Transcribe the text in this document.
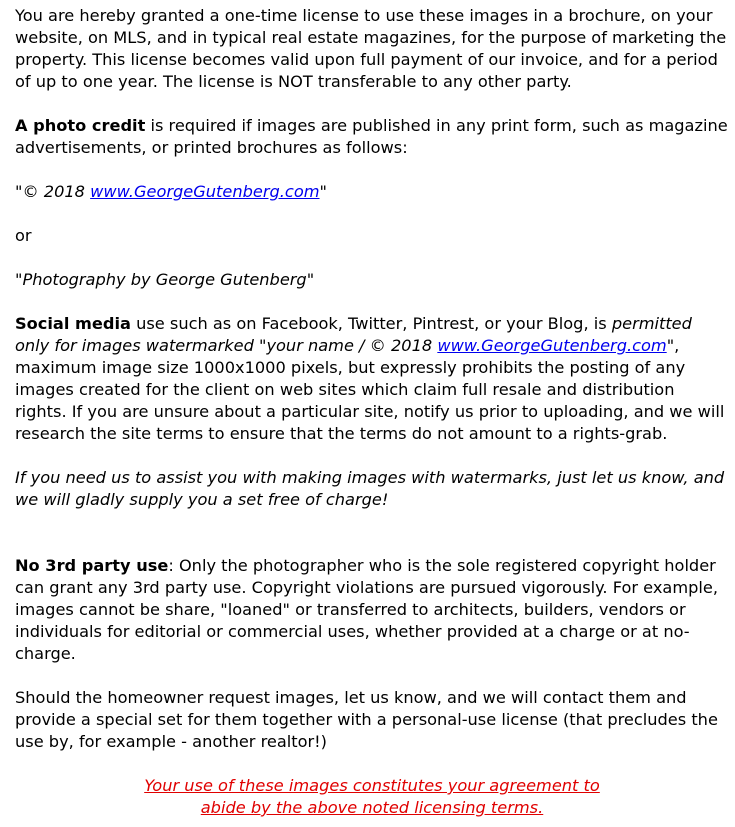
You are hereby granted a one-time license to use these images in a brochure, on your website, on MLS, and in typical real estate magazines, for the purpose of marketing the property. This license becomes valid upon full payment of our invoice, and for a period of up to one year. The license is NOT transferable to any other party.

A photo credit is required if images are published in any print form, such as magazine advertisements, or printed brochures as follows:

"© 2018 www.GeorgeGutenberg.com"

or

"Photography by George Gutenberg"

Social media use such as on Facebook, Twitter, Pintrest, or your Blog, is permitted only for images watermarked "your name / © 2018 www.GeorgeGutenberg.com", maximum image size 1000x1000 pixels, but expressly prohibits the posting of any images created for the client on web sites which claim full resale and distribution rights. If you are unsure about a particular site, notify us prior to uploading, and we will research the site terms to ensure that the terms do not amount to a rights-grab.

If you need us to assist you with making images with watermarks, just let us know, and we will gladly supply you a set free of charge!

No 3rd party use: Only the photographer who is the sole registered copyright holder can grant any 3rd party use. Copyright violations are pursued vigorously. For example, images cannot be share, "loaned" or transferred to architects, builders, vendors or individuals for editorial or commercial uses, whether provided at a charge or at no-charge.

Should the homeowner request images, let us know, and we will contact them and provide a special set for them together with a personal-use license (that precludes the use by, for example - another realtor!)

Your use of these images constitutes your agreement to
abide by the above noted licensing terms.
